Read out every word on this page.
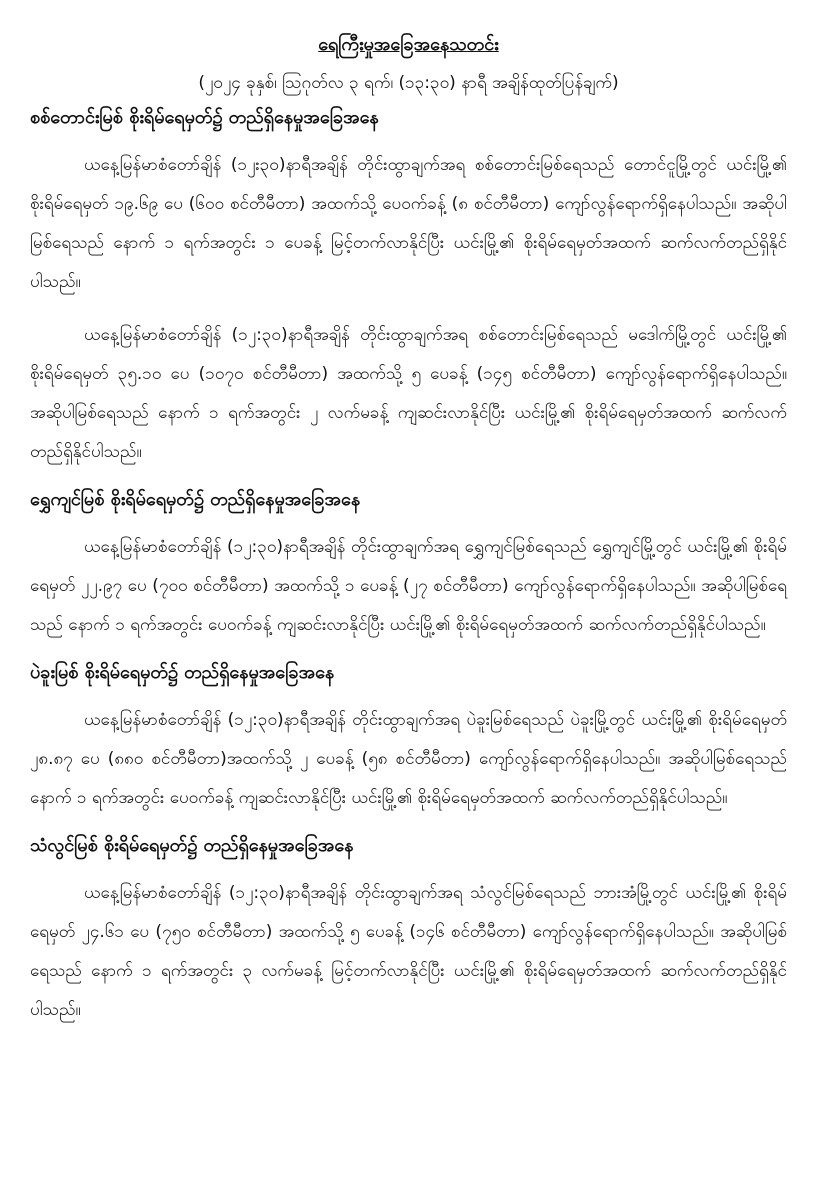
ရေကြီးမှုအခြေအနေသတင်း

(၂၀၂၄ ခုနှစ်၊ ဩဂုတ်လ ၃ ရက်၊ (၁၃:၃၀) နာရီ အချိန်ထုတ်ပြန်ချက်)

စစ်တောင်းမြစ် စိုးရိမ်ရေမှတ်၌ တည်ရှိနေမှုအခြေအနေ

ယနေ့မြန်မာစံတော်ချိန် (၁၂း၃၀)နာရီအချိန် တိုင်းထွာချက်အရ စစ်တောင်းမြစ်ရေသည် တောင်ငူမြို့တွင် ယင်းမြို့၏ စိုးရိမ်ရေမှတ် ၁၉.၆၉ ပေ (၆၀၀ စင်တီမီတာ) အထက်သို့ ပေဝက်ခန့် (၈ စင်တီမီတာ) ကျော်လွန်ရောက်ရှိနေပါသည်။ အဆိုပါမြစ်ရေသည် နောက် ၁ ရက်အတွင်း ၁ ပေခန့် မြင့်တက်လာနိုင်ပြီး ယင်းမြို့၏ စိုးရိမ်ရေမှတ်အထက် ဆက်လက်တည်ရှိနိုင်ပါသည်။

ယနေ့မြန်မာစံတော်ချိန် (၁၂:၃၀)နာရီအချိန် တိုင်းထွာချက်အရ စစ်တောင်းမြစ်ရေသည် မဒေါက်မြို့တွင် ယင်းမြို့၏ စိုးရိမ်ရေမှတ် ၃၅.၁၀ ပေ (၁၀၇၀ စင်တီမီတာ) အထက်သို့ ၅ ပေခန့် (၁၄၅ စင်တီမီတာ) ကျော်လွန်ရောက်ရှိနေပါသည်။ အဆိုပါမြစ်ရေသည် နောက် ၁ ရက်အတွင်း ၂ လက်မခန့် ကျဆင်းလာနိုင်ပြီး ယင်းမြို့၏ စိုးရိမ်ရေမှတ်အထက် ဆက်လက်တည်ရှိနိုင်ပါသည်။

ရွှေကျင်မြစ် စိုးရိမ်ရေမှတ်၌ တည်ရှိနေမှုအခြေအနေ

ယနေ့မြန်မာစံတော်ချိန် (၁၂:၃၀)နာရီအချိန် တိုင်းထွာချက်အရ ရွှေကျင်မြစ်ရေသည် ရွှေကျင်မြို့တွင် ယင်းမြို့၏ စိုးရိမ်ရေမှတ် ၂၂.၉၇ ပေ (၇၀၀ စင်တီမီတာ) အထက်သို့ ၁ ပေခန့် (၂၇ စင်တီမီတာ) ကျော်လွန်ရောက်ရှိနေပါသည်။ အဆိုပါမြစ်ရေသည် နောက် ၁ ရက်အတွင်း ပေဝက်ခန့် ကျဆင်းလာနိုင်ပြီး ယင်းမြို့၏ စိုးရိမ်ရေမှတ်အထက် ဆက်လက်တည်ရှိနိုင်ပါသည်။

ပဲခူးမြစ် စိုးရိမ်ရေမှတ်၌ တည်ရှိနေမှုအခြေအနေ

ယနေ့မြန်မာစံတော်ချိန် (၁၂:၃၀)နာရီအချိန် တိုင်းထွာချက်အရ ပဲခူးမြစ်ရေသည် ပဲခူးမြို့တွင် ယင်းမြို့၏ စိုးရိမ်ရေမှတ် ၂၈.၈၇ ပေ (၈၈၀ စင်တီမီတာ)အထက်သို့ ၂ ပေခန့် (၅၈ စင်တီမီတာ) ကျော်လွန်ရောက်ရှိနေပါသည်။ အဆိုပါမြစ်ရေသည် နောက် ၁ ရက်အတွင်း ပေဝက်ခန့် ကျဆင်းလာနိုင်ပြီး ယင်းမြို့၏ စိုးရိမ်ရေမှတ်အထက် ဆက်လက်တည်ရှိနိုင်ပါသည်။

သံလွင်မြစ် စိုးရိမ်ရေမှတ်၌ တည်ရှိနေမှုအခြေအနေ

ယနေ့မြန်မာစံတော်ချိန် (၁၂:၃၀)နာရီအချိန် တိုင်းထွာချက်အရ သံလွင်မြစ်ရေသည် ဘားအံမြို့တွင် ယင်းမြို့၏ စိုးရိမ်ရေမှတ် ၂၄.၆၁ ပေ (၇၅၀ စင်တီမီတာ) အထက်သို့ ၅ ပေခန့် (၁၄၆ စင်တီမီတာ) ကျော်လွန်ရောက်ရှိနေပါသည်။ အဆိုပါမြစ်ရေသည် နောက် ၁ ရက်အတွင်း ၃ လက်မခန့် မြင့်တက်လာနိုင်ပြီး ယင်းမြို့၏ စိုးရိမ်ရေမှတ်အထက် ဆက်လက်တည်ရှိနိုင်ပါသည်။
